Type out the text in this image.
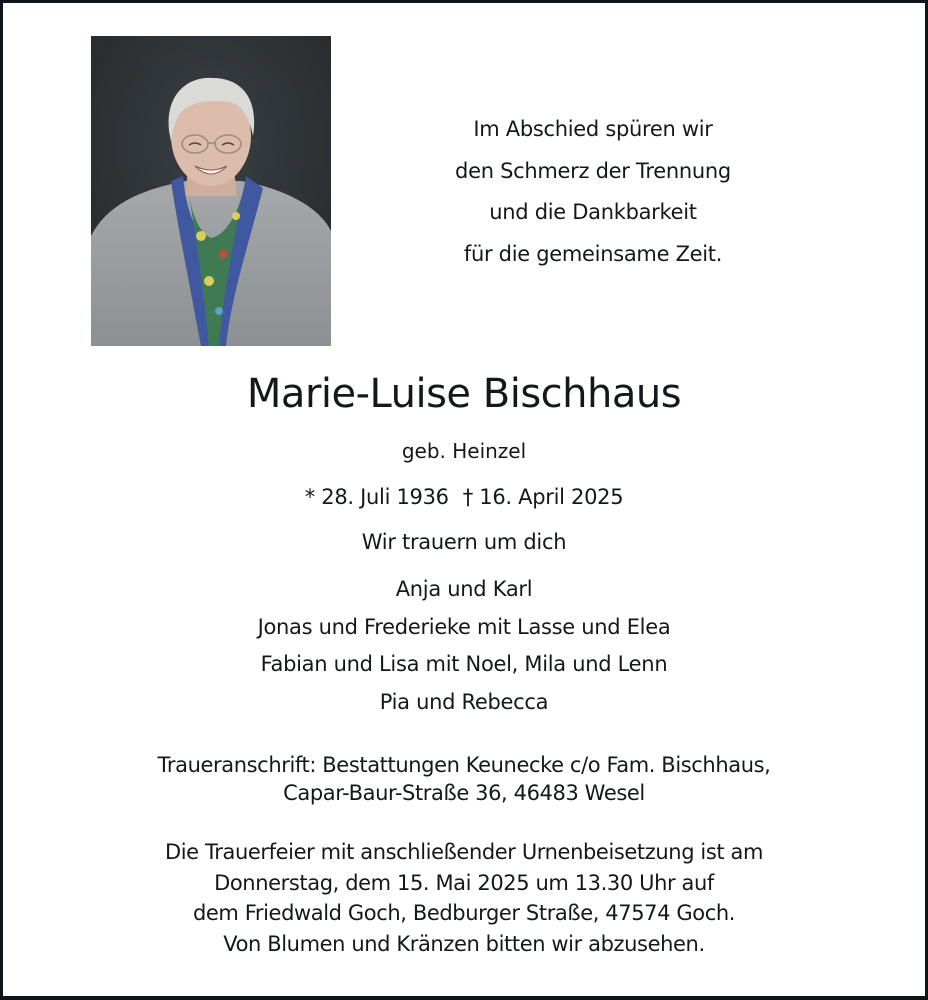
Im Abschied spüren wir
den Schmerz der Trennung
und die Dankbarkeit
für die gemeinsame Zeit.
Marie-Luise Bischhaus
geb. Heinzel
* 28. Juli 1936 † 16. April 2025
Wir trauern um dich
Anja und Karl
Jonas und Frederieke mit Lasse und Elea
Fabian und Lisa mit Noel, Mila und Lenn
Pia und Rebecca
Traueranschrift: Bestattungen Keunecke c/o Fam. Bischhaus,
Capar-Baur-Straße 36, 46483 Wesel
Die Trauerfeier mit anschließender Urnenbeisetzung ist am
Donnerstag, dem 15. Mai 2025 um 13.30 Uhr auf
dem Friedwald Goch, Bedburger Straße, 47574 Goch.
Von Blumen und Kränzen bitten wir abzusehen.
